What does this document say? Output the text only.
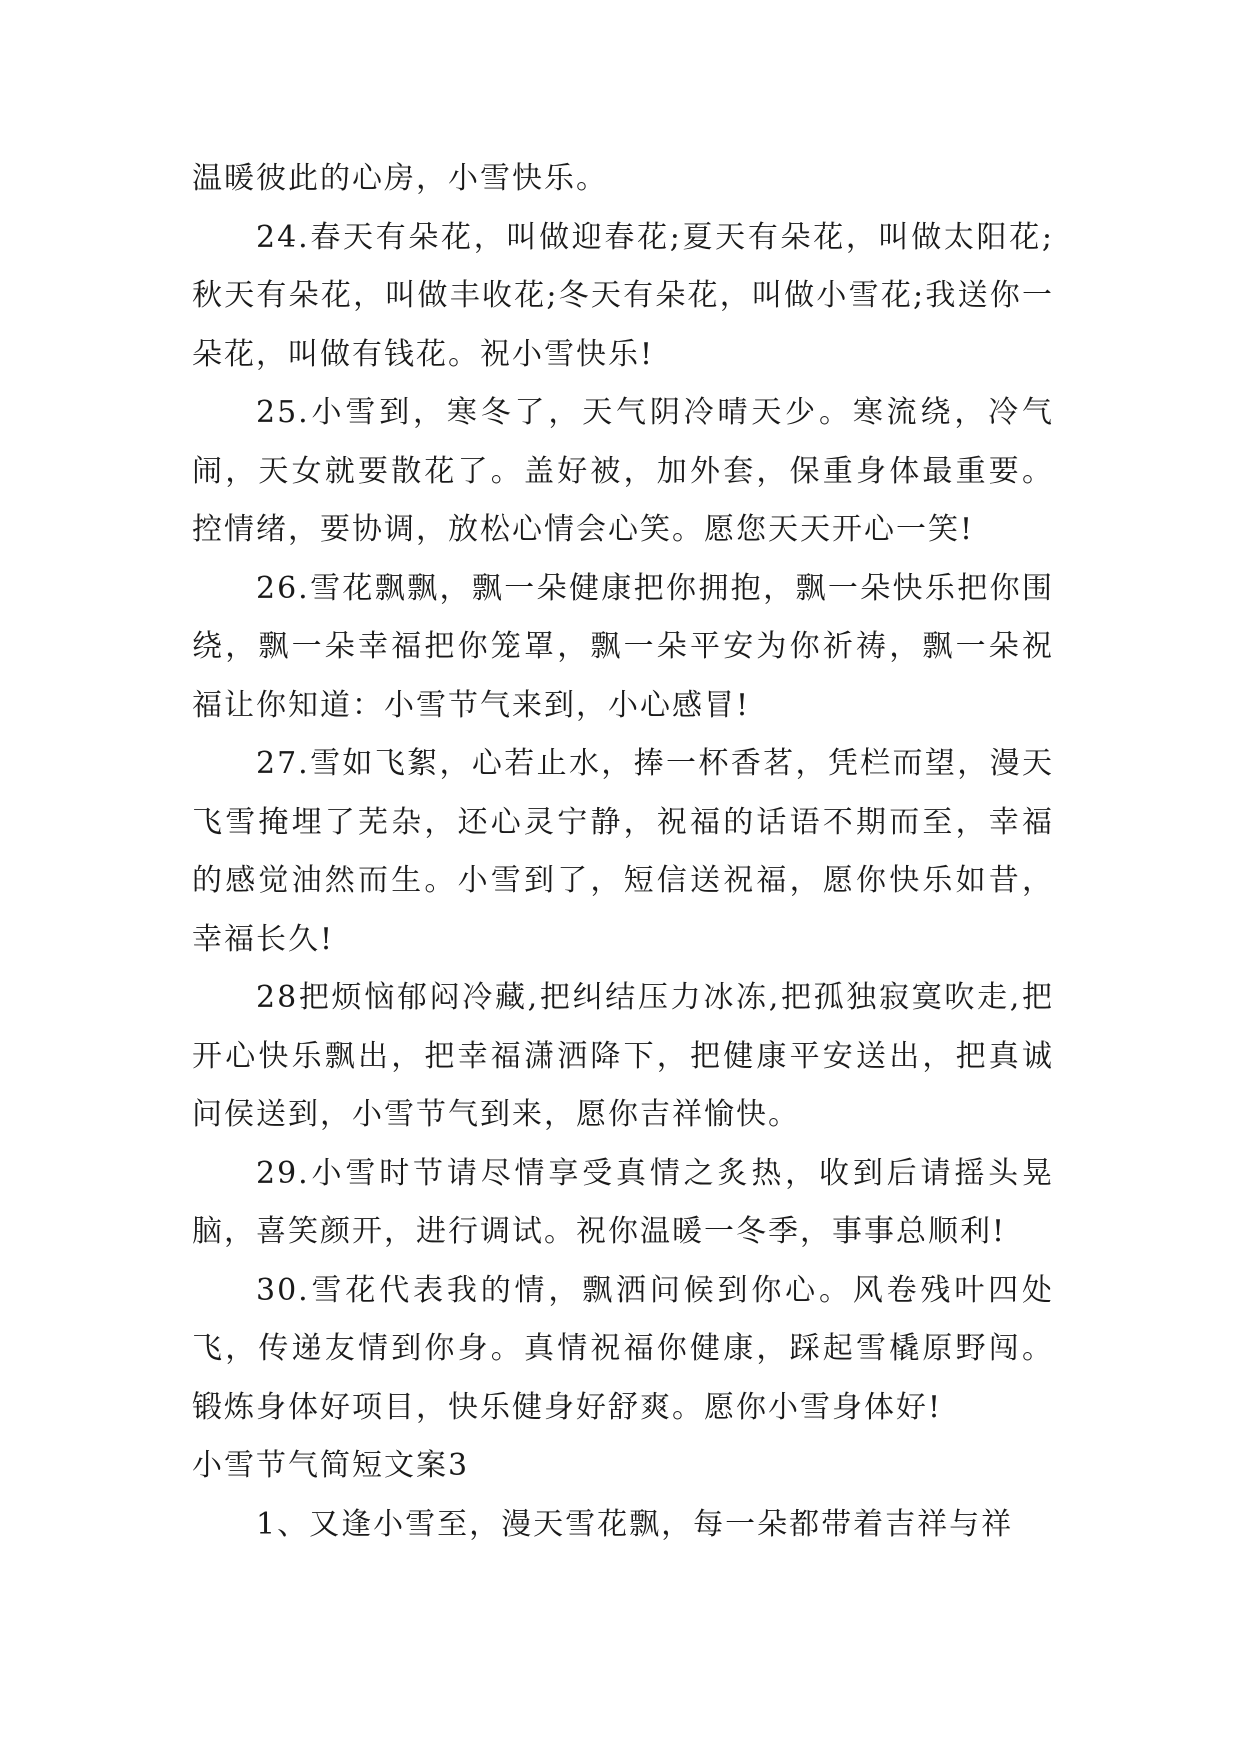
温暖彼此的心房，小雪快乐。

24.春天有朵花，叫做迎春花;夏天有朵花，叫做太阳花;秋天有朵花，叫做丰收花;冬天有朵花，叫做小雪花;我送你一朵花，叫做有钱花。祝小雪快乐!

25.小雪到，寒冬了，天气阴冷晴天少。寒流绕，冷气闹，天女就要散花了。盖好被，加外套，保重身体最重要。控情绪，要协调，放松心情会心笑。愿您天天开心一笑!

26.雪花飘飘，飘一朵健康把你拥抱，飘一朵快乐把你围绕，飘一朵幸福把你笼罩，飘一朵平安为你祈祷，飘一朵祝福让你知道：小雪节气来到，小心感冒!

27.雪如飞絮，心若止水，捧一杯香茗，凭栏而望，漫天飞雪掩埋了芜杂，还心灵宁静，祝福的话语不期而至，幸福的感觉油然而生。小雪到了，短信送祝福，愿你快乐如昔，幸福长久!

28把烦恼郁闷冷藏,把纠结压力冰冻,把孤独寂寞吹走,把开心快乐飘出，把幸福潇洒降下，把健康平安送出，把真诚问侯送到，小雪节气到来，愿你吉祥愉快。

29.小雪时节请尽情享受真情之炙热，收到后请摇头晃脑，喜笑颜开，进行调试。祝你温暖一冬季，事事总顺利!

30.雪花代表我的情，飘洒问候到你心。风卷残叶四处飞，传递友情到你身。真情祝福你健康，踩起雪橇原野闯。锻炼身体好项目，快乐健身好舒爽。愿你小雪身体好!

小雪节气简短文案3

1、又逢小雪至，漫天雪花飘，每一朵都带着吉祥与祥
